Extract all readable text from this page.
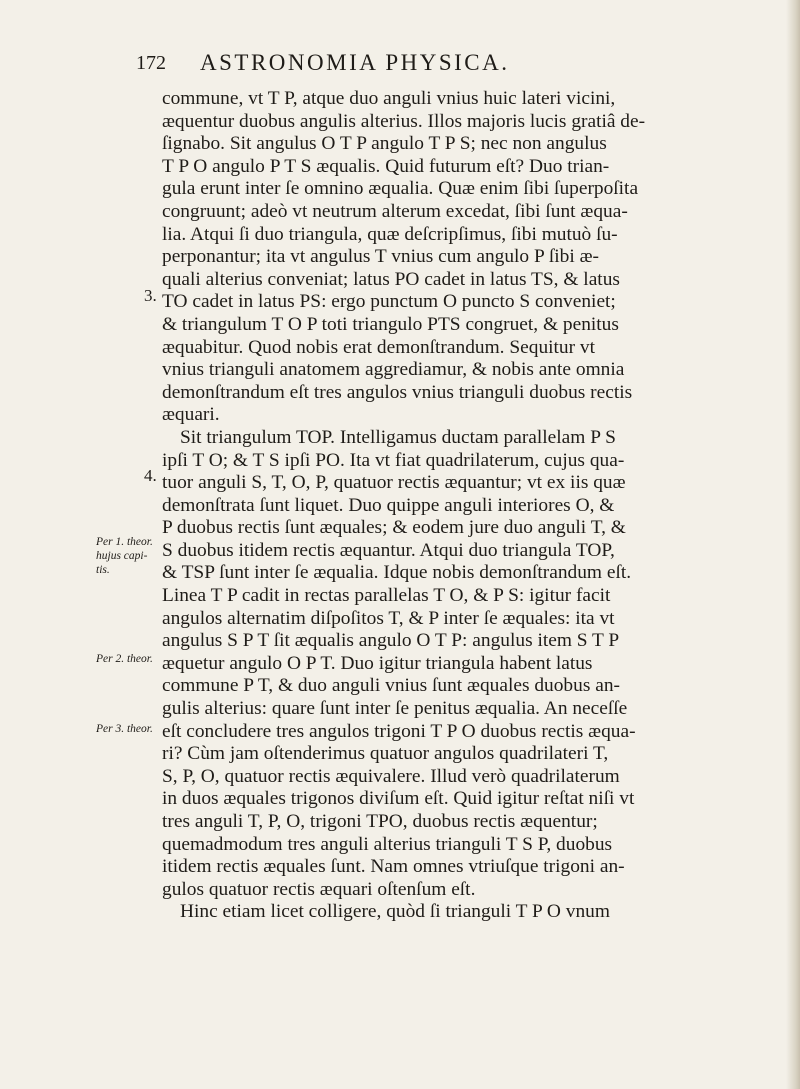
172 ASTRONOMIA PHYSICA.
3.
4.
Per 1. theor. hujus capi-tis.
Per 2. theor.
Per 3. theor.
commune, vt T P, atque duo anguli vnius huic lateri vicini,
æquentur duobus angulis alterius. Illos majoris lucis gratiâ de-
ſignabo. Sit angulus O T P angulo T P S; nec non angulus
T P O angulo P T S æqualis. Quid futurum eſt? Duo trian-
gula erunt inter ſe omnino æqualia. Quæ enim ſibi ſuperpoſita
congruunt; adeò vt neutrum alterum excedat, ſibi ſunt æqua-
lia. Atqui ſi duo triangula, quæ deſcripſimus, ſibi mutuò ſu-
perponantur; ita vt angulus T vnius cum angulo P ſibi æ-
quali alterius conveniat; latus PO cadet in latus TS, & latus
TO cadet in latus PS: ergo punctum O puncto S conveniet;
& triangulum T O P toti triangulo PTS congruet, & penitus
æquabitur. Quod nobis erat demonſtrandum. Sequitur vt
vnius trianguli anatomem aggrediamur, & nobis ante omnia
demonſtrandum eſt tres angulos vnius trianguli duobus rectis
æquari.
Sit triangulum TOP. Intelligamus ductam parallelam P S
ipſi T O; & T S ipſi PO. Ita vt fiat quadrilaterum, cujus qua-
tuor anguli S, T, O, P, quatuor rectis æquantur; vt ex iis quæ
demonſtrata ſunt liquet. Duo quippe anguli interiores O, &
P duobus rectis ſunt æquales; & eodem jure duo anguli T, &
S duobus itidem rectis æquantur. Atqui duo triangula TOP,
& TSP ſunt inter ſe æqualia. Idque nobis demonſtrandum eſt.
Linea T P cadit in rectas parallelas T O, & P S: igitur facit
angulos alternatim diſpoſitos T, & P inter ſe æquales: ita vt
angulus S P T ſit æqualis angulo O T P: angulus item S T P
æquetur angulo O P T. Duo igitur triangula habent latus
commune P T, & duo anguli vnius ſunt æquales duobus an-
gulis alterius: quare ſunt inter ſe penitus æqualia. An neceſſe
eſt concludere tres angulos trigoni T P O duobus rectis æqua-
ri? Cùm jam oſtenderimus quatuor angulos quadrilateri T,
S, P, O, quatuor rectis æquivalere. Illud verò quadrilaterum
in duos æquales trigonos diviſum eſt. Quid igitur reſtat niſi vt
tres anguli T, P, O, trigoni TPO, duobus rectis æquentur;
quemadmodum tres anguli alterius trianguli T S P, duobus
itidem rectis æquales ſunt. Nam omnes vtriuſque trigoni an-
gulos quatuor rectis æquari oſtenſum eſt.
Hinc etiam licet colligere, quòd ſi trianguli T P O vnum
